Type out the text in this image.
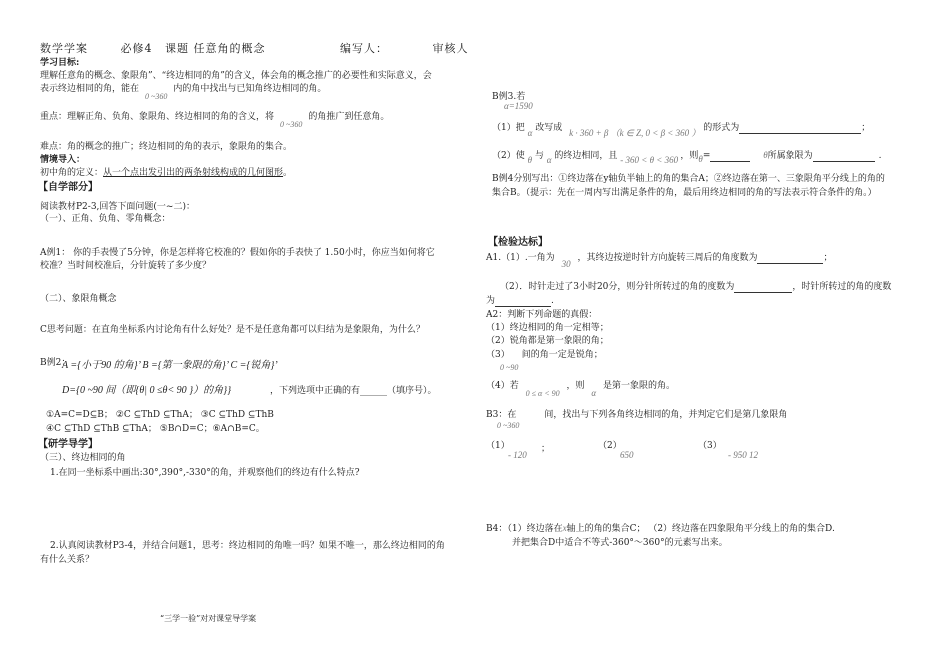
数学学案	必修4 课题 任意角的概念	编写人：	审核人
学习目标:
理解任意角的概念、象限角”、“终边相同的角”的含义，体会角的概念推广的必要性和实际意义，会
表示终边相同的角，能在0 ~360内的角中找出与已知角终边相同的角。
重点：理解正角、负角、象限角、终边相同的角的含义，将0 ~360的角推广到任意角。
难点：角的概念的推广；终边相同的角的表示，象限角的集合。
情境导入：
初中角的定义：从一个点出发引出的两条射线构成的几何图形。
【自学部分】
阅读教材P2-3,回答下面问题(一~二)：
（一）、正角、负角、零角概念：
A例1： 你的手表慢了5分钟，你是怎样将它校准的？假如你的手表快了 1.50小时，你应当如何将它
校准？当时间校准后，分针旋转了多少度？
（二）、象限角概念
C思考问题：在直角坐标系内讨论角有什么好处？是不是任意角都可以归结为是象限角，为什么？
B例2：
A ={小于90 的角}’ B ={第一象限的角}’ C ={锐角}’
D={0 ~90 间（即{θ| 0 ≤θ< 90 }）的角}}	，下列选项中正确的有______（填序号）。
①A=C=D⊆B； ②C ⊆ThD ⊆ThA； ③C ⊆ThD ⊆ThB
④C ⊆ThD ⊆ThB ⊆ThA； ⑤B∩D=C；⑥A∩B=C。
【研学导学】
（三）、终边相同的角
1.在同一坐标系中画出:30°,390°,-330°的角，并观察他们的终边有什么特点?
2.认真阅读教材P3-4，并结合问题1，思考：终边相同的角唯一吗？如果不唯一，那么终边相同的角
有什么关系？
“三学一验”对对课堂导学案
B例3.若
α=1590
（1）把 α 改写成 k · 360 + β （k ∈ Z, 0 < β < 360 ） 的形式为	；
（2）使 θ 与 α 的终边相同，且 - 360 < θ < 360 ，则θ=	θ所属象限为	.
B例4分别写出：①终边落在y轴负半轴上的角的集合A；②终边落在第一、三象限角平分线上的角的
集合B。（提示：先在一周内写出满足条件的角，最后用终边相同的角的写法表示符合条件的角。）
【检验达标】
A1.（1）.一角为 30 ，其终边按逆时针方向旋转三周后的角度数为	；
（2）．时针走过了3小时20分，则分针所转过的角的度数为	，时针所转过的角的度数
为	.
A2：判断下列命题的真假：
（1）终边相同的角一定相等；
（2）锐角都是第一象限的角；
（3） 间的角一定是锐角；
0 ~90
（4）若 0 ≤ α < 90 ，则 α 是第一象限的角。
B3：在	间，找出与下列各角终边相同的角，并判定它们是第几象限角
0 ~360
（1）
- 120
；	（2）
650
（3）
- 950 12
B4：（1）终边落在x轴上的角的集合C； （2）终边落在四象限角平分线上的角的集合D.
并把集合D中适合不等式-360°～360°的元素写出来。
